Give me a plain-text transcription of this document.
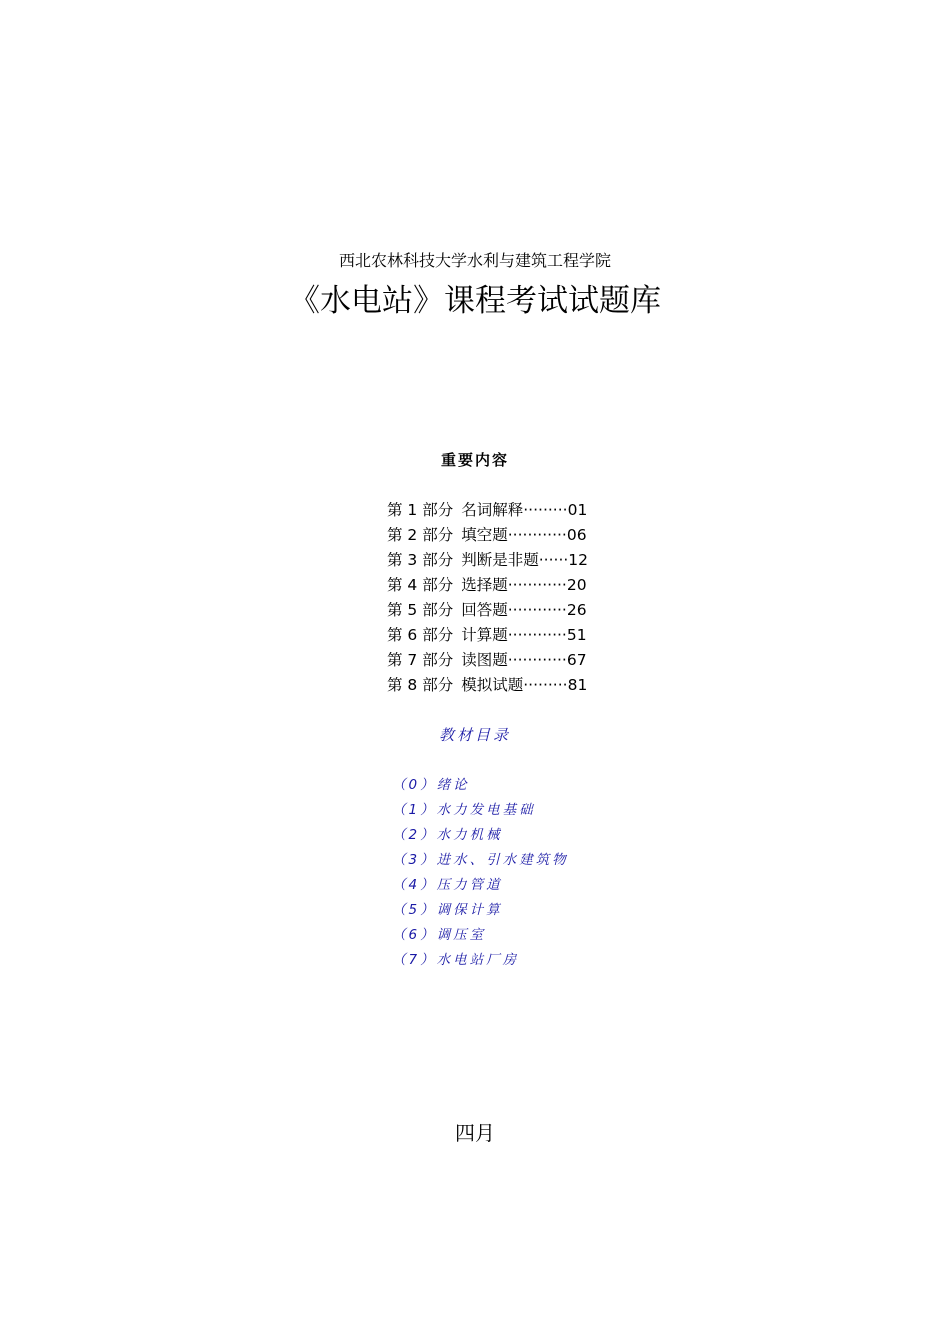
西北农林科技大学水利与建筑工程学院
《水电站》课程考试试题库
重要内容
第 1 部分 名词解释·········01
第 2 部分 填空题············06
第 3 部分 判断是非题······12
第 4 部分 选择题············20
第 5 部分 回答题············26
第 6 部分 计算题············51
第 7 部分 读图题············67
第 8 部分 模拟试题·········81
教材目录
（0）绪论
（1）水力发电基础
（2）水力机械
（3）进水、引水建筑物
（4）压力管道
（5）调保计算
（6）调压室
（7）水电站厂房
四月
